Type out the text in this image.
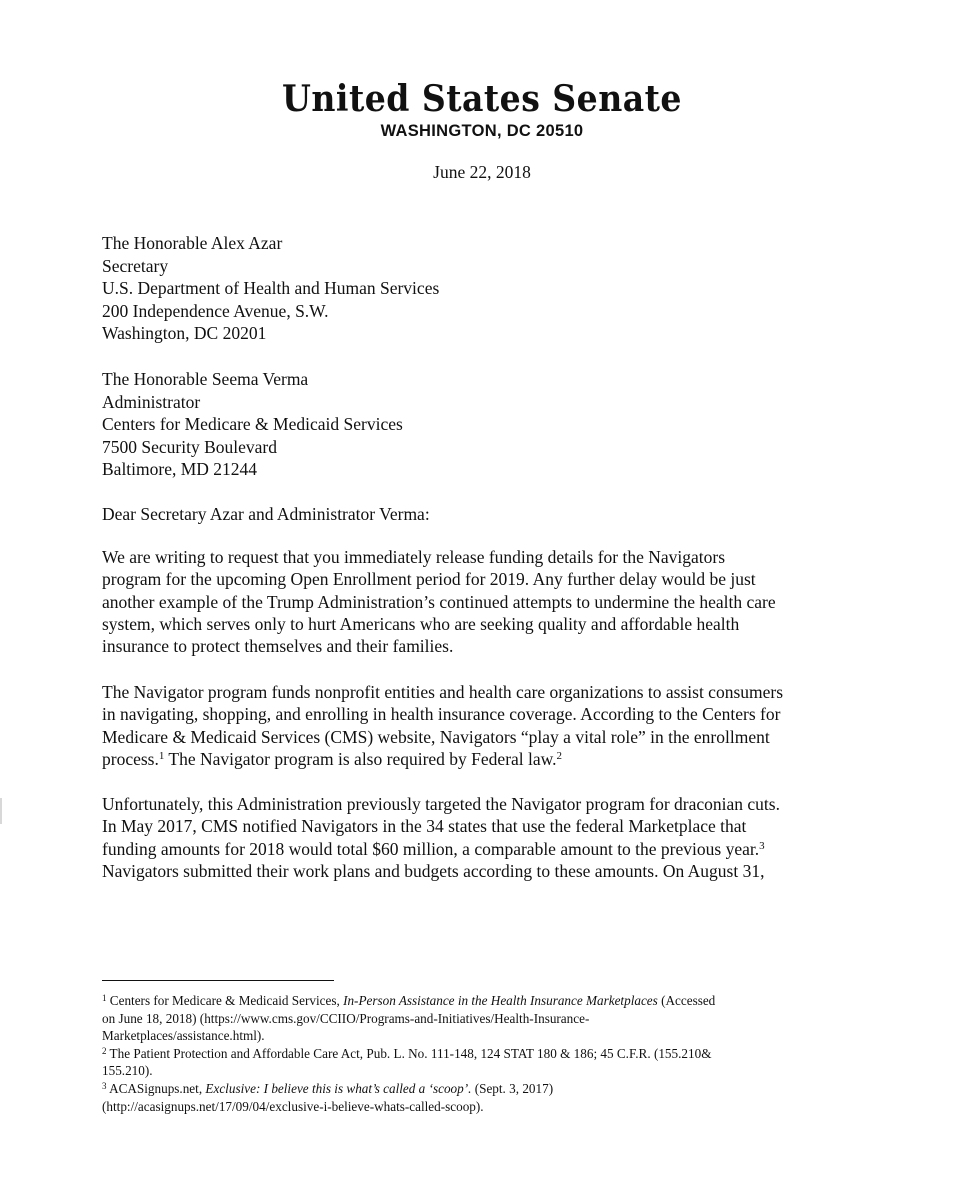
United States Senate
WASHINGTON, DC 20510
June 22, 2018
The Honorable Alex Azar
Secretary
U.S. Department of Health and Human Services
200 Independence Avenue, S.W.
Washington, DC 20201
The Honorable Seema Verma
Administrator
Centers for Medicare & Medicaid Services
7500 Security Boulevard
Baltimore, MD 21244
Dear Secretary Azar and Administrator Verma:
We are writing to request that you immediately release funding details for the Navigators
program for the upcoming Open Enrollment period for 2019. Any further delay would be just
another example of the Trump Administration’s continued attempts to undermine the health care
system, which serves only to hurt Americans who are seeking quality and affordable health
insurance to protect themselves and their families.
The Navigator program funds nonprofit entities and health care organizations to assist consumers
in navigating, shopping, and enrolling in health insurance coverage. According to the Centers for
Medicare & Medicaid Services (CMS) website, Navigators “play a vital role” in the enrollment
process.$^1$ The Navigator program is also required by Federal law.$^2$
Unfortunately, this Administration previously targeted the Navigator program for draconian cuts.
In May 2017, CMS notified Navigators in the 34 states that use the federal Marketplace that
funding amounts for 2018 would total $60 million, a comparable amount to the previous year.$^3$
Navigators submitted their work plans and budgets according to these amounts. On August 31,
$^1$ Centers for Medicare & Medicaid Services, In-Person Assistance in the Health Insurance Marketplaces (Accessed
on June 18, 2018) (https://www.cms.gov/CCIIO/Programs-and-Initiatives/Health-Insurance-
Marketplaces/assistance.html).
$^2$ The Patient Protection and Affordable Care Act, Pub. L. No. 111-148, 124 STAT 180 & 186; 45 C.F.R. (155.210&
155.210).
$^3$ ACASignups.net, Exclusive: I believe this is what’s called a ‘scoop’. (Sept. 3, 2017)
(http://acasignups.net/17/09/04/exclusive-i-believe-whats-called-scoop).
